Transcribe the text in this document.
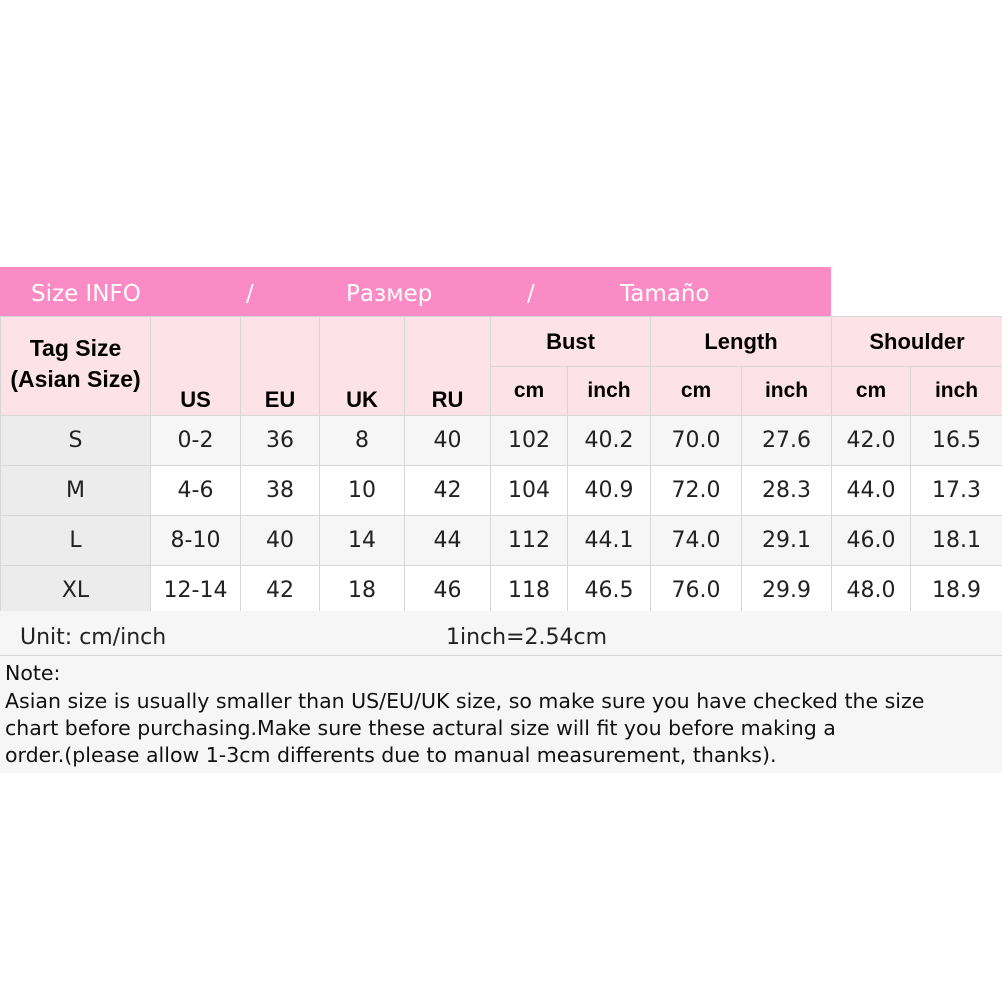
Size INFO	/	Размер	/	Tamaño
Tag Size
(Asian Size)	US	EU	UK	RU	Bust		Length		Shoulder	
					cm	inch	cm	inch	cm	inch
S	0-2	36	8	40	102	40.2	70.0	27.6	42.0	16.5
M	4-6	38	10	42	104	40.9	72.0	28.3	44.0	17.3
L	8-10	40	14	44	112	44.1	74.0	29.1	46.0	18.1
XL	12-14	42	18	46	118	46.5	76.0	29.9	48.0	18.9
Unit: cm/inch	1inch=2.54cm
Note:
Asian size is usually smaller than US/EU/UK size, so make sure you have checked the size
chart before purchasing.Make sure these actural size will fit you before making a
order.(please allow 1-3cm differents due to manual measurement, thanks).
